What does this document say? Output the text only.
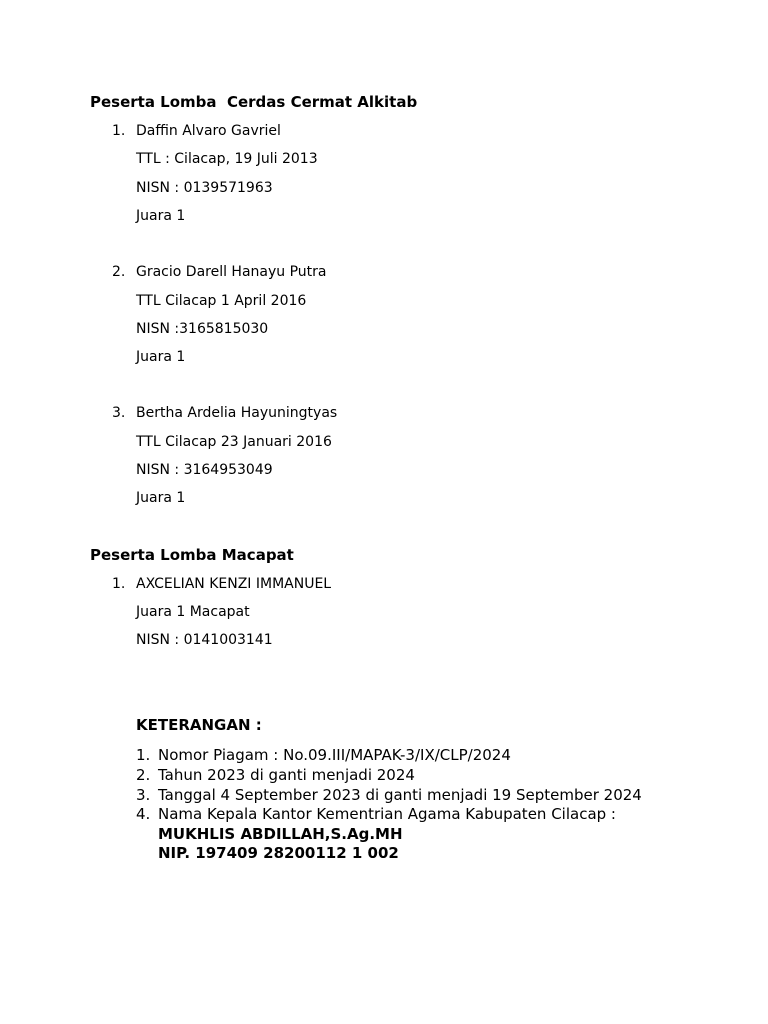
Peserta Lomba  Cerdas Cermat Alkitab
1. Daffin Alvaro Gavriel
TTL : Cilacap, 19 Juli 2013
NISN : 0139571963
Juara 1
2. Gracio Darell Hanayu Putra
TTL Cilacap 1 April 2016
NISN :3165815030
Juara 1
3. Bertha Ardelia Hayuningtyas
TTL Cilacap 23 Januari 2016
NISN : 3164953049
Juara 1
Peserta Lomba Macapat
1. AXCELIAN KENZI IMMANUEL
Juara 1 Macapat
NISN : 0141003141
KETERANGAN :
1. Nomor Piagam : No.09.III/MAPAK-3/IX/CLP/2024
2. Tahun 2023 di ganti menjadi 2024
3. Tanggal 4 September 2023 di ganti menjadi 19 September 2024
4. Nama Kepala Kantor Kementrian Agama Kabupaten Cilacap :
MUKHLIS ABDILLAH,S.Ag.MH
NIP. 197409 28200112 1 002
